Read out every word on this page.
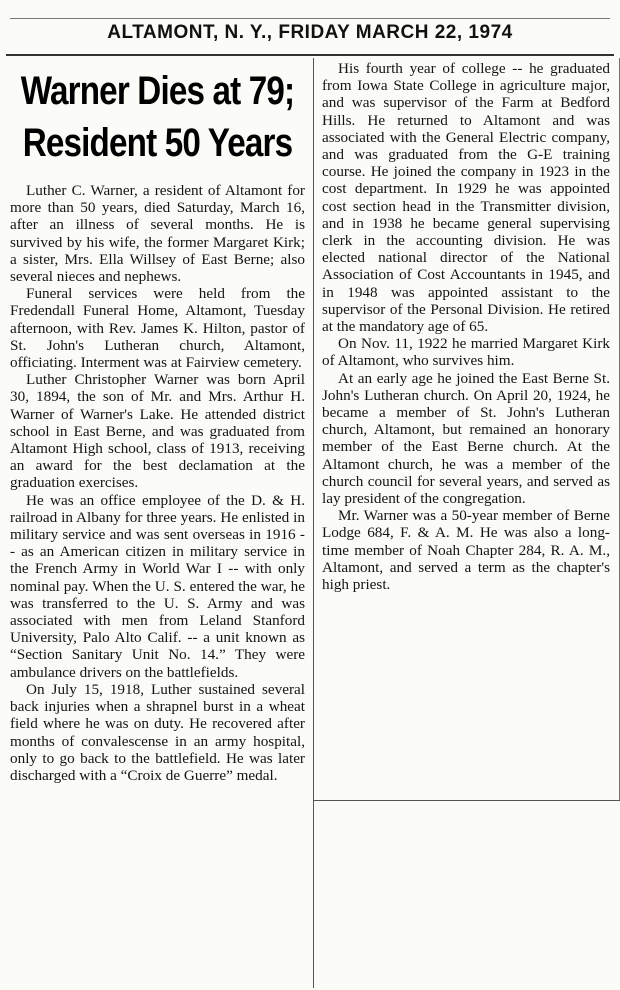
ALTAMONT, N. Y., FRIDAY MARCH 22, 1974
Warner Dies at 79;
Resident 50 Years

Luther C. Warner, a resident of Altamont for more than 50 years, died Saturday, March 16, after an illness of several months. He is survived by his wife, the former Margaret Kirk; a sister, Mrs. Ella Willsey of East Berne; also several nieces and nephews.

Funeral services were held from the Fredendall Funeral Home, Altamont, Tuesday afternoon, with Rev. James K. Hilton, pastor of St. John's Lutheran church, Altamont, officiating. Interment was at Fairview cemetery.

Luther Christopher Warner was born April 30, 1894, the son of Mr. and Mrs. Arthur H. Warner of Warner's Lake. He attended district school in East Berne, and was graduated from Altamont High school, class of 1913, receiving an award for the best declamation at the graduation exercises.

He was an office employee of the D. & H. railroad in Albany for three years. He enlisted in military service and was sent overseas in 1916 -- as an American citizen in military service in the French Army in World War I -- with only nominal pay. When the U. S. entered the war, he was transferred to the U. S. Army and was associated with men from Leland Stanford University, Palo Alto Calif. -- a unit known as “Section Sanitary Unit No. 14.” They were ambulance drivers on the battlefields.

On July 15, 1918, Luther sustained several back injuries when a shrapnel burst in a wheat field where he was on duty. He recovered after months of convalescense in an army hospital, only to go back to the battlefield. He was later discharged with a “Croix de Guerre” medal.

His fourth year of college -- he graduated from Iowa State College in agriculture major, and was supervisor of the Farm at Bedford Hills. He returned to Altamont and was associated with the General Electric company, and was graduated from the G-E training course. He joined the company in 1923 in the cost department. In 1929 he was appointed cost section head in the Transmitter division, and in 1938 he became general supervising clerk in the accounting division. He was elected national director of the National Association of Cost Accountants in 1945, and in 1948 was appointed assistant to the supervisor of the Personal Division. He retired at the mandatory age of 65.

On Nov. 11, 1922 he married Margaret Kirk of Altamont, who survives him.

At an early age he joined the East Berne St. John's Lutheran church. On April 20, 1924, he became a member of St. John's Lutheran church, Altamont, but remained an honorary member of the East Berne church. At the Altamont church, he was a member of the church council for several years, and served as lay president of the congregation.

Mr. Warner was a 50-year member of Berne Lodge 684, F. & A. M. He was also a long-time member of Noah Chapter 284, R. A. M., Altamont, and served a term as the chapter's high priest.
